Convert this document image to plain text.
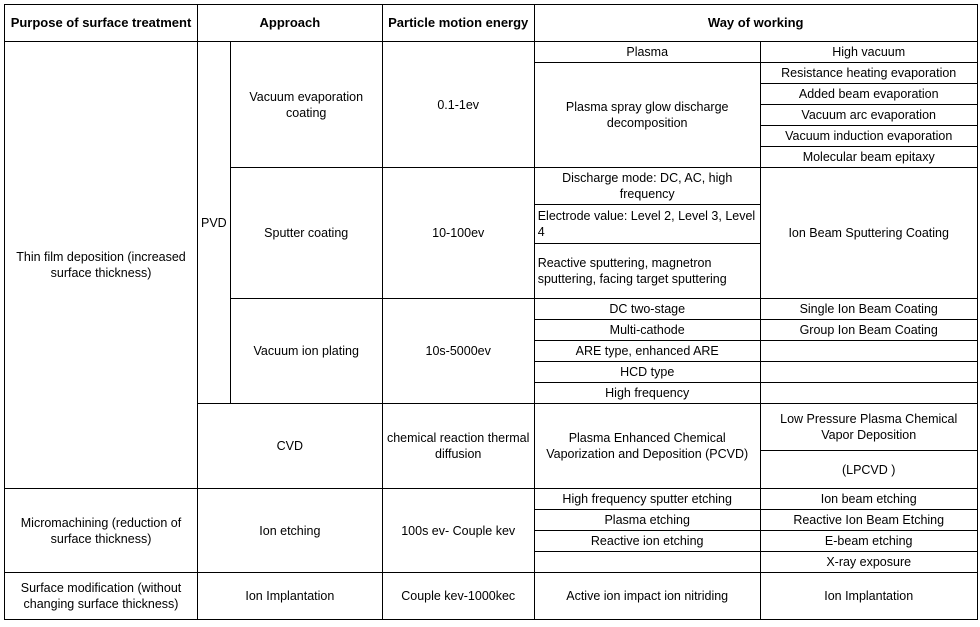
Purpose of surface treatment	Approach		Particle motion energy	Way of working	
Thin film deposition (increased surface thickness)	PVD	Vacuum evaporation coating	0.1-1ev	Plasma	High vacuum
				Plasma spray glow discharge decomposition	Resistance heating evaporation
					Added beam evaporation
					Vacuum arc evaporation
					Vacuum induction evaporation
					Molecular beam epitaxy
		Sputter coating	10-100ev	Discharge mode: DC, AC, high frequency	Ion Beam Sputtering Coating
				Electrode value: Level 2, Level 3, Level 4	
				Reactive sputtering, magnetron sputtering, facing target sputtering	
		Vacuum ion plating	10s-5000ev	DC two-stage	Single Ion Beam Coating
				Multi-cathode	Group Ion Beam Coating
				ARE type, enhanced ARE	
				HCD type	
				High frequency	
	CVD		chemical reaction thermal diffusion	Plasma Enhanced Chemical Vaporization and Deposition (PCVD)	Low Pressure Plasma Chemical Vapor Deposition
					(LPCVD )

Micromachining (reduction of surface thickness)	Ion etching		100s ev- Couple kev	High frequency sputter etching	Ion beam etching
				Plasma etching	Reactive Ion Beam Etching
				Reactive ion etching	E-beam etching
					X-ray exposure
Surface modification (without changing surface thickness)	Ion Implantation		Couple kev-1000kec	Active ion impact ion nitriding	Ion Implantation
